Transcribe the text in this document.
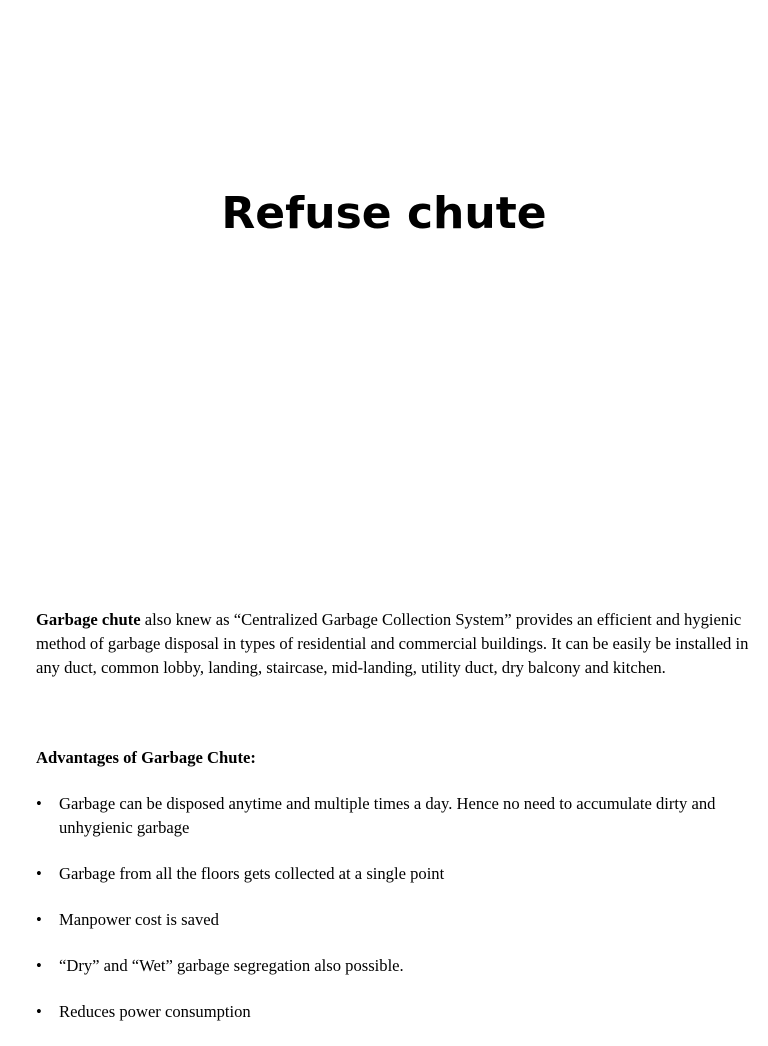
Refuse chute

Garbage chute also knew as “Centralized Garbage Collection System” provides an efficient and hygienic method of garbage disposal in types of residential and commercial buildings. It can be easily be installed in any duct, common lobby, landing, staircase, mid-landing, utility duct, dry balcony and kitchen.

Advantages of Garbage Chute:

• Garbage can be disposed anytime and multiple times a day. Hence no need to accumulate dirty and unhygienic garbage
• Garbage from all the floors gets collected at a single point
• Manpower cost is saved
• “Dry” and “Wet” garbage segregation also possible.
• Reduces power consumption
